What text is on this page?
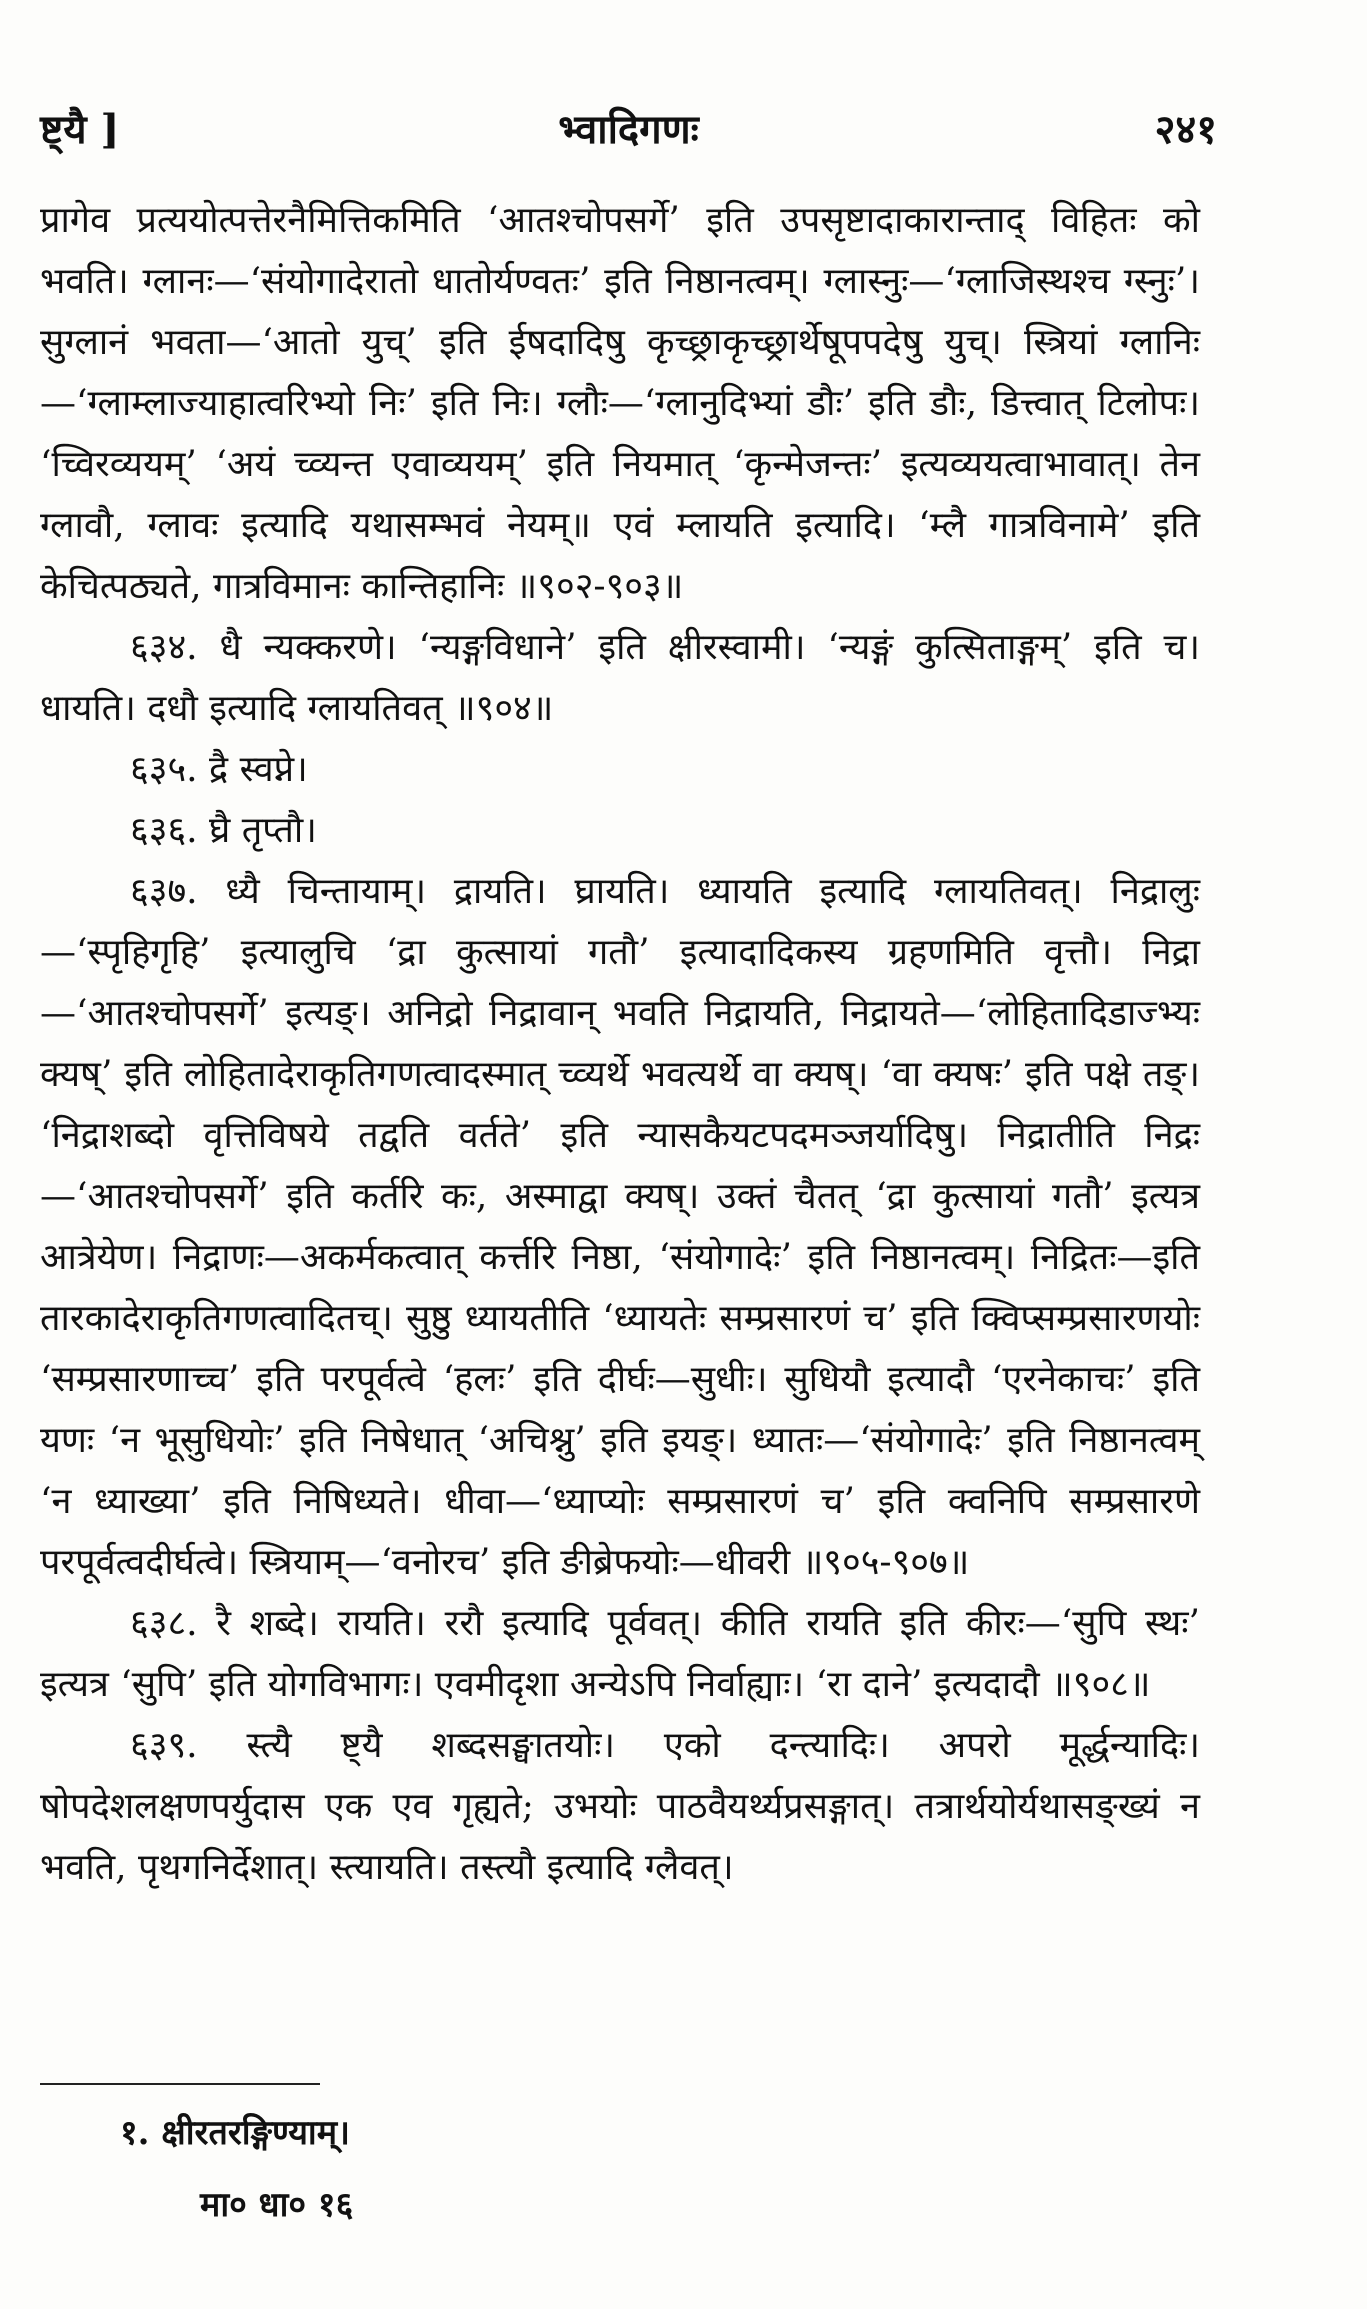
ष्ट्यै ]	भ्वादिगणः	२४१

प्रागेव प्रत्ययोत्पत्तेरनैमित्तिकमिति ‘आतश्चोपसर्गे’ इति उपसृष्टादाकारान्ताद् विहितः को भवति। ग्लानः—‘संयोगादेरातो धातोर्यण्वतः’ इति निष्ठानत्वम्। ग्लास्नुः—‘ग्लाजिस्थश्च ग्स्नुः’। सुग्लानं भवता—‘आतो युच्’ इति ईषदादिषु कृच्छ्राकृच्छ्रार्थेषूपपदेषु युच्। स्त्रियां ग्लानिः—‘ग्लाम्लाज्याहात्वरिभ्यो निः’ इति निः। ग्लौः—‘ग्लानुदिभ्यां डौः’ इति डौः, डित्त्वात् टिलोपः। ‘च्विरव्ययम्’ ‘अयं च्व्यन्त एवाव्ययम्’ इति नियमात् ‘कृन्मेजन्तः’ इत्यव्ययत्वाभावात्। तेन ग्लावौ, ग्लावः इत्यादि यथासम्भवं नेयम्॥ एवं म्लायति इत्यादि। ‘म्लै गात्रविनामे’ इति केचित्पठ्यते, गात्रविमानः कान्तिहानिः ॥९०२-९०३॥

६३४. धै न्यक्करणे। ‘न्यङ्गविधाने’ इति क्षीरस्वामी। ‘न्यङ्गं कुत्सिताङ्गम्’ इति च। धायति। दधौ इत्यादि ग्लायतिवत् ॥९०४॥

६३५. द्रै स्वप्ने।

६३६. घ्रै तृप्तौ।

६३७. ध्यै चिन्तायाम्। द्रायति। घ्रायति। ध्यायति इत्यादि ग्लायतिवत्। निद्रालुः—‘स्पृहिगृहि’ इत्यालुचि ‘द्रा कुत्सायां गतौ’ इत्यादादिकस्य ग्रहणमिति वृत्तौ। निद्रा—‘आतश्चोपसर्गे’ इत्यङ्। अनिद्रो निद्रावान् भवति निद्रायति, निद्रायते—‘लोहितादिडाज्भ्यः क्यष्’ इति लोहितादेराकृतिगणत्वादस्मात् च्व्यर्थे भवत्यर्थे वा क्यष्। ‘वा क्यषः’ इति पक्षे तङ्। ‘निद्राशब्दो वृत्तिविषये तद्वति वर्तते’ इति न्यासकैयटपदमञ्जर्यादिषु। निद्रातीति निद्रः—‘आतश्चोपसर्गे’ इति कर्तरि कः, अस्माद्वा क्यष्। उक्तं चैतत् ‘द्रा कुत्सायां गतौ’ इत्यत्र आत्रेयेण। निद्राणः—अकर्मकत्वात् कर्त्तरि निष्ठा, ‘संयोगादेः’ इति निष्ठानत्वम्। निद्रितः—इति तारकादेराकृतिगणत्वादितच्। सुष्ठु ध्यायतीति ‘ध्यायतेः सम्प्रसारणं च’ इति क्विप्सम्प्रसारणयोः ‘सम्प्रसारणाच्च’ इति परपूर्वत्वे ‘हलः’ इति दीर्घः—सुधीः। सुधियौ इत्यादौ ‘एरनेकाचः’ इति यणः ‘न भूसुधियोः’ इति निषेधात् ‘अचिश्नु’ इति इयङ्। ध्यातः—‘संयोगादेः’ इति निष्ठानत्वम् ‘न ध्याख्या’ इति निषिध्यते। धीवा—‘ध्याप्योः सम्प्रसारणं च’ इति क्वनिपि सम्प्रसारणे परपूर्वत्वदीर्घत्वे। स्त्रियाम्—‘वनोरच’ इति ङीब्रेफयोः—धीवरी ॥९०५-९०७॥

६३८. रै शब्दे। रायति। ररौ इत्यादि पूर्ववत्। कीति रायति इति कीरः—‘सुपि स्थः’ इत्यत्र ‘सुपि’ इति योगविभागः। एवमीदृशा अन्येऽपि निर्वाह्याः। ‘रा दाने’ इत्यदादौ ॥९०८॥

६३९. स्त्यै ष्ट्यै शब्दसङ्घातयोः। एको दन्त्यादिः। अपरो मूर्द्धन्यादिः। षोपदेशलक्षणपर्युदास एक एव गृह्यते; उभयोः पाठवैयर्थ्यप्रसङ्गात्। तत्रार्थयोर्यथासङ्ख्यं न भवति, पृथगनिर्देशात्। स्त्यायति। तस्त्यौ इत्यादि ग्लैवत्।

१. क्षीरतरङ्गिण्याम्।
मा० धा० १६
